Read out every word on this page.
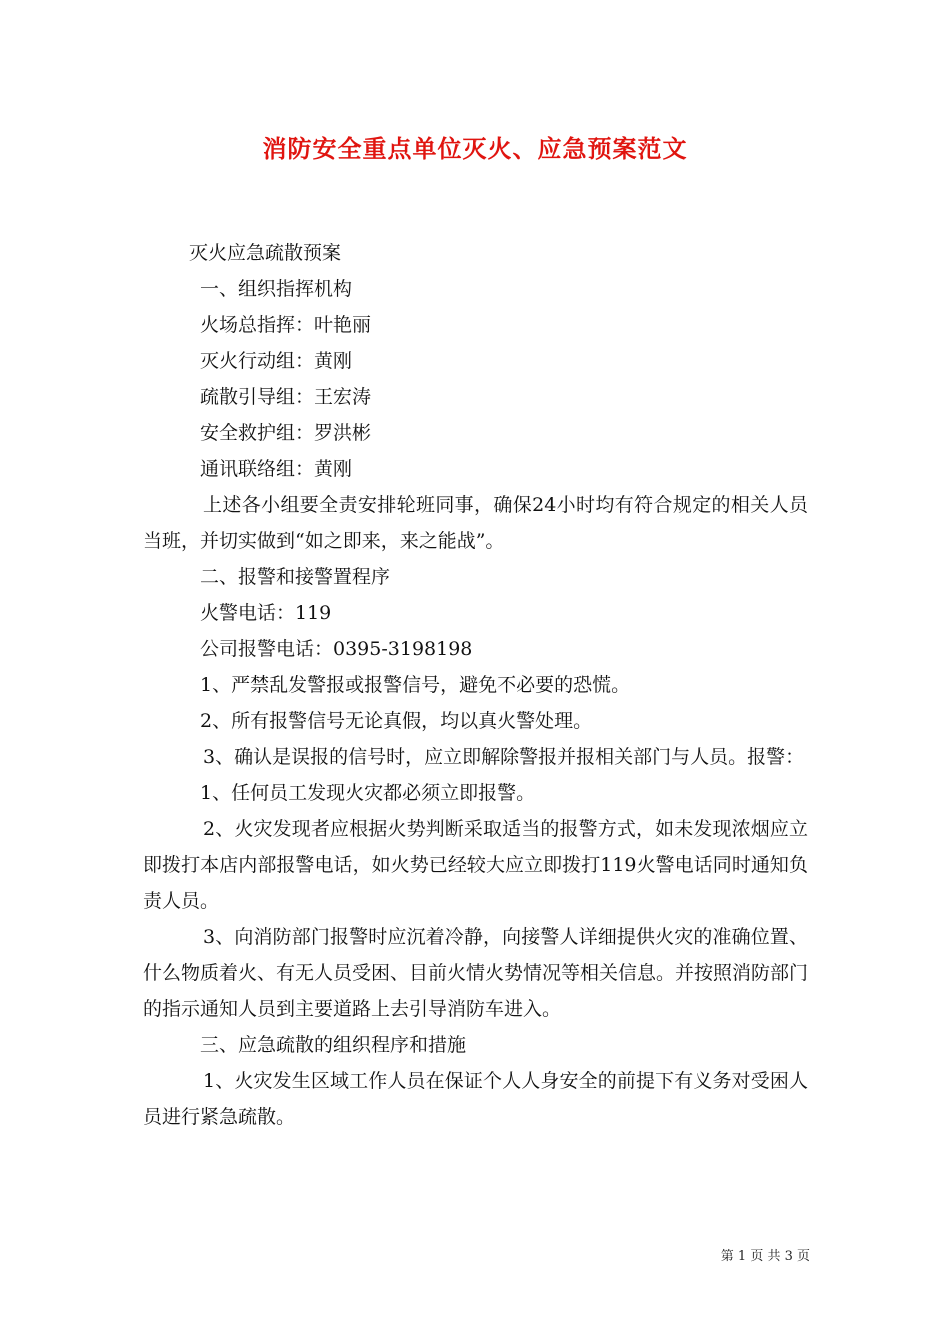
消防安全重点单位灭火、应急预案范文

灭火应急疏散预案

一、组织指挥机构

火场总指挥：叶艳丽

灭火行动组：黄刚

疏散引导组：王宏涛

安全救护组：罗洪彬

通讯联络组：黄刚

上述各小组要全责安排轮班同事，确保24小时均有符合规定的相关人员当班，并切实做到“如之即来，来之能战”。

二、报警和接警置程序

火警电话：119

公司报警电话：0395-3198198

1、严禁乱发警报或报警信号，避免不必要的恐慌。

2、所有报警信号无论真假，均以真火警处理。

3、确认是误报的信号时，应立即解除警报并报相关部门与人员。报警：

1、任何员工发现火灾都必须立即报警。

2、火灾发现者应根据火势判断采取适当的报警方式，如未发现浓烟应立即拨打本店内部报警电话，如火势已经较大应立即拨打119火警电话同时通知负责人员。

3、向消防部门报警时应沉着冷静，向接警人详细提供火灾的准确位置、什么物质着火、有无人员受困、目前火情火势情况等相关信息。并按照消防部门的指示通知人员到主要道路上去引导消防车进入。

三、应急疏散的组织程序和措施

1、火灾发生区域工作人员在保证个人人身安全的前提下有义务对受困人员进行紧急疏散。

第 1 页 共 3 页
